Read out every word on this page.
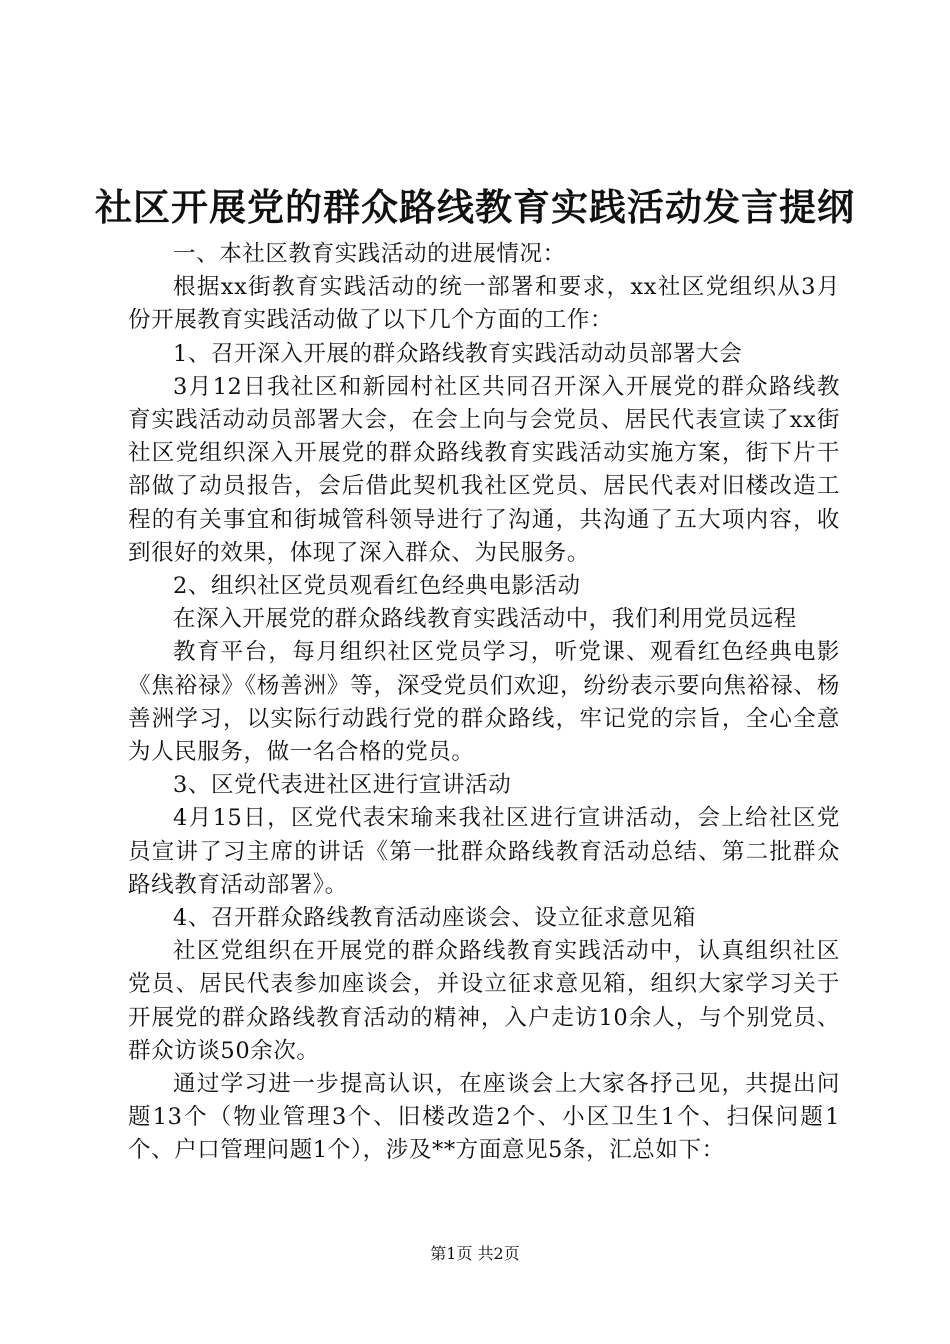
社区开展党的群众路线教育实践活动发言提纲

一、本社区教育实践活动的进展情况：

根据xx街教育实践活动的统一部署和要求，xx社区党组织从3月份开展教育实践活动做了以下几个方面的工作：

1、召开深入开展的群众路线教育实践活动动员部署大会

3月12日我社区和新园村社区共同召开深入开展党的群众路线教育实践活动动员部署大会，在会上向与会党员、居民代表宣读了xx街社区党组织深入开展党的群众路线教育实践活动实施方案，街下片干部做了动员报告，会后借此契机我社区党员、居民代表对旧楼改造工程的有关事宜和街城管科领导进行了沟通，共沟通了五大项内容，收到很好的效果，体现了深入群众、为民服务。

2、组织社区党员观看红色经典电影活动

在深入开展党的群众路线教育实践活动中，我们利用党员远程

教育平台，每月组织社区党员学习，听党课、观看红色经典电影《焦裕禄》《杨善洲》等，深受党员们欢迎，纷纷表示要向焦裕禄、杨善洲学习，以实际行动践行党的群众路线，牢记党的宗旨，全心全意为人民服务，做一名合格的党员。

3、区党代表进社区进行宣讲活动

4月15日，区党代表宋瑜来我社区进行宣讲活动，会上给社区党员宣讲了习主席的讲话《第一批群众路线教育活动总结、第二批群众路线教育活动部署》。

4、召开群众路线教育活动座谈会、设立征求意见箱

社区党组织在开展党的群众路线教育实践活动中，认真组织社区党员、居民代表参加座谈会，并设立征求意见箱，组织大家学习关于开展党的群众路线教育活动的精神，入户走访10余人，与个别党员、群众访谈50余次。

通过学习进一步提高认识，在座谈会上大家各抒己见，共提出问题13个（物业管理3个、旧楼改造2个、小区卫生1个、扫保问题1个、户口管理问题1个），涉及**方面意见5条，汇总如下：

第1页 共2页
